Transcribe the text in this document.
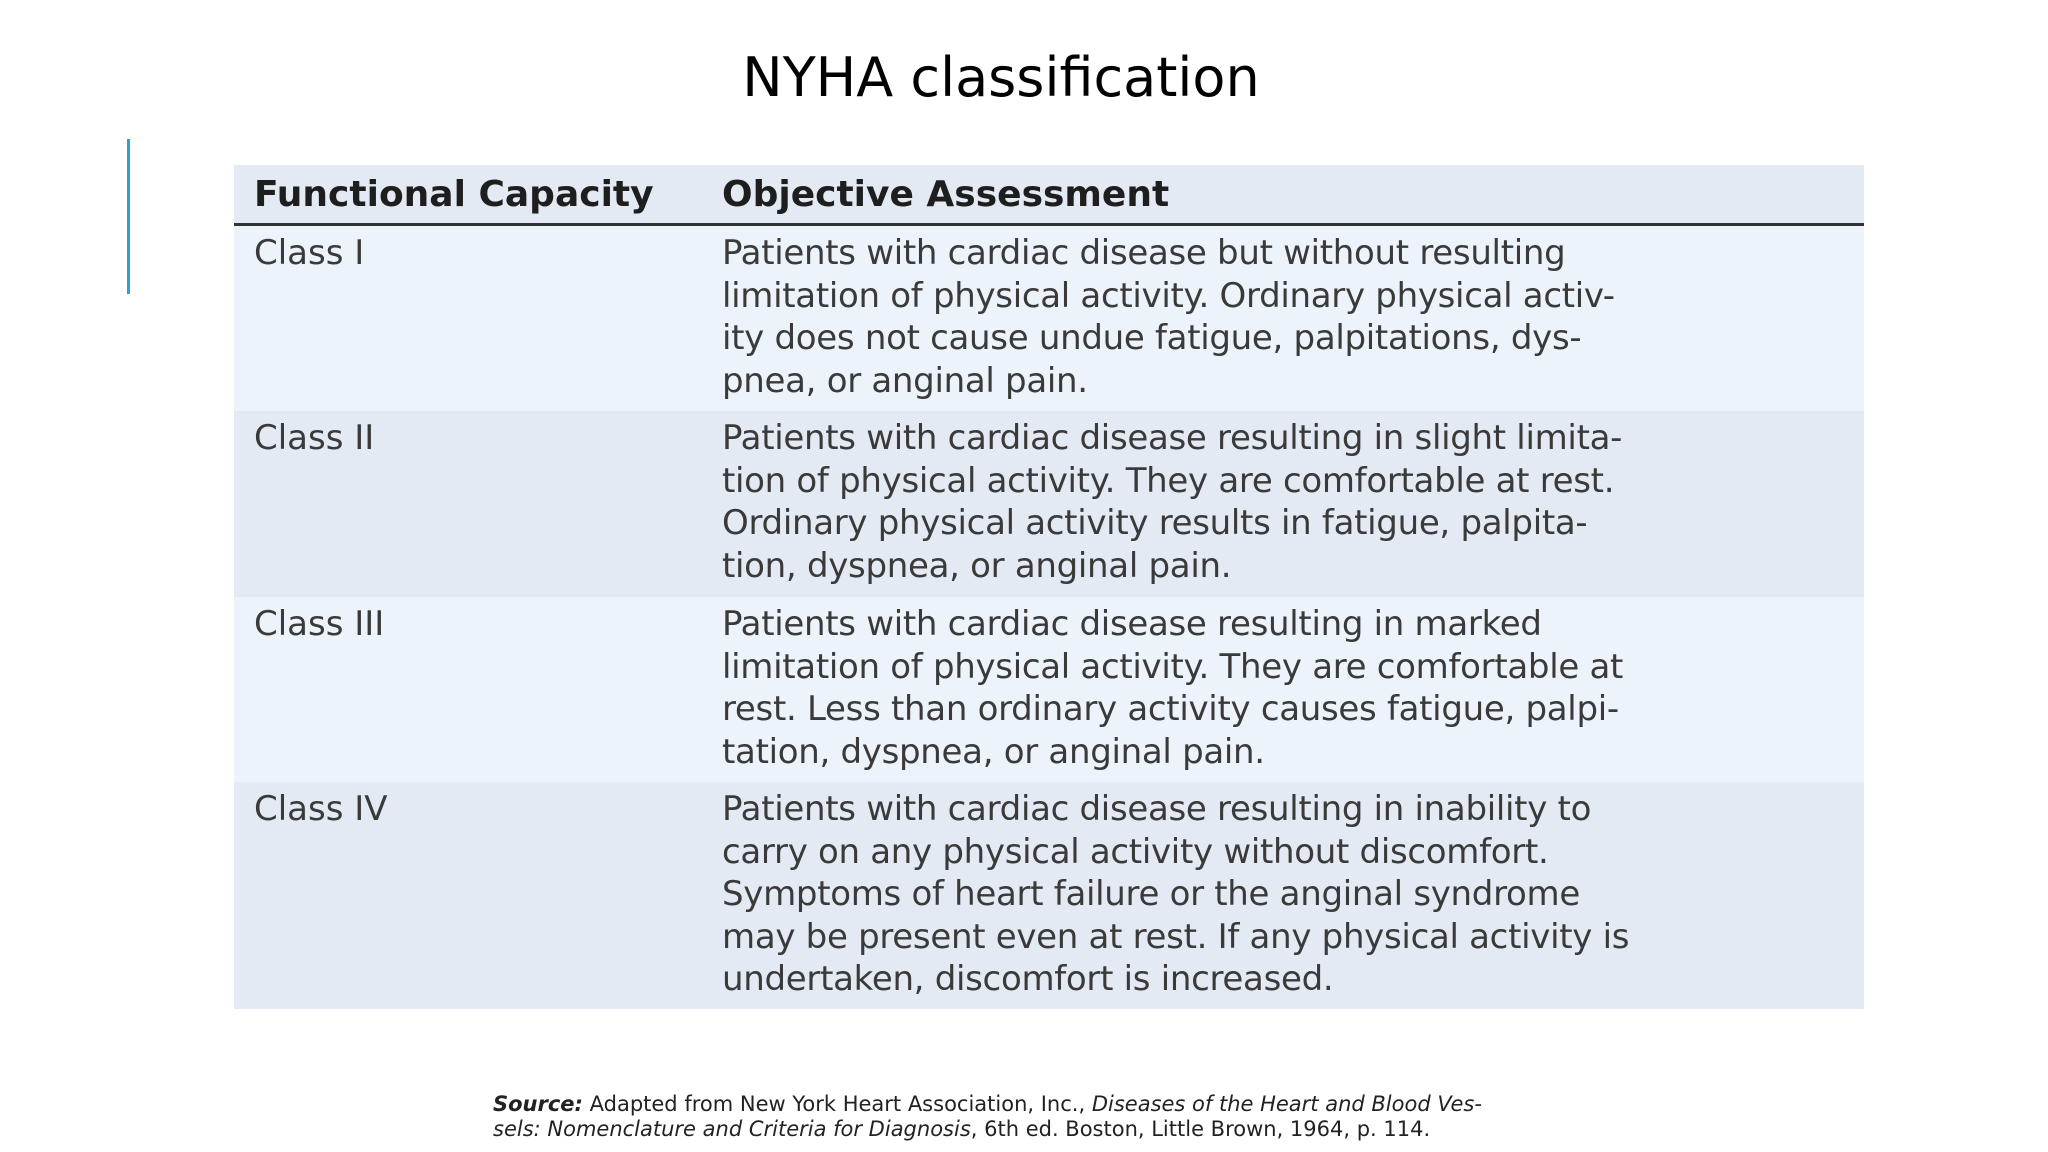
NYHA classification
Functional Capacity	Objective Assessment
Class I	Patients with cardiac disease but without resulting
limitation of physical activity. Ordinary physical activ-
ity does not cause undue fatigue, palpitations, dys-
pnea, or anginal pain.
Class II	Patients with cardiac disease resulting in slight limita-
tion of physical activity. They are comfortable at rest.
Ordinary physical activity results in fatigue, palpita-
tion, dyspnea, or anginal pain.
Class III	Patients with cardiac disease resulting in marked
limitation of physical activity. They are comfortable at
rest. Less than ordinary activity causes fatigue, palpi-
tation, dyspnea, or anginal pain.
Class IV	Patients with cardiac disease resulting in inability to
carry on any physical activity without discomfort.
Symptoms of heart failure or the anginal syndrome
may be present even at rest. If any physical activity is
undertaken, discomfort is increased.
Source: Adapted from New York Heart Association, Inc., Diseases of the Heart and Blood Ves-
sels: Nomenclature and Criteria for Diagnosis, 6th ed. Boston, Little Brown, 1964, p. 114.
